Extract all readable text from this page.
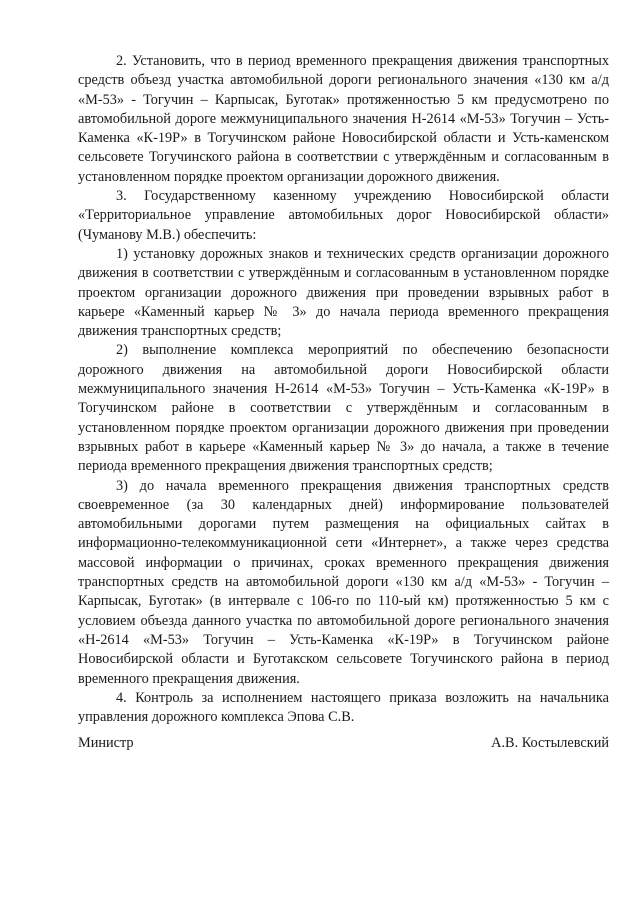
2. Установить, что в период временного прекращения движения транспортных средств объезд участка автомобильной дороги регионального значения «130 км а/д «М-53» - Тогучин – Карпысак, Буготак» протяженностью 5 км предусмотрено по автомобильной дороге межмуниципального значения Н-2614 «М-53» Тогучин – Усть-Каменка «К-19Р» в Тогучинском районе Новосибирской области и Усть-каменском сельсовете Тогучинского района в соответствии с утверждённым и согласованным в установленном порядке проектом организации дорожного движения.

3. Государственному казенному учреждению Новосибирской области «Территориальное управление автомобильных дорог Новосибирской области» (Чуманову М.В.) обеспечить:

1) установку дорожных знаков и технических средств организации дорожного движения в соответствии с утверждённым и согласованным в установленном порядке проектом организации дорожного движения при проведении взрывных работ в карьере «Каменный карьер № 3» до начала периода временного прекращения движения транспортных средств;

2) выполнение комплекса мероприятий по обеспечению безопасности дорожного движения на автомобильной дороги Новосибирской области межмуниципального значения Н-2614 «М-53» Тогучин – Усть-Каменка «К-19Р» в Тогучинском районе в соответствии с утверждённым и согласованным в установленном порядке проектом организации дорожного движения при проведении взрывных работ в карьере «Каменный карьер № 3» до начала, а также в течение периода временного прекращения движения транспортных средств;

3) до начала временного прекращения движения транспортных средств своевременное (за 30 календарных дней) информирование пользователей автомобильными дорогами путем размещения на официальных сайтах в информационно-телекоммуникационной сети «Интернет», а также через средства массовой информации о причинах, сроках временного прекращения движения транспортных средств на автомобильной дороги «130 км а/д «М-53» - Тогучин – Карпысак, Буготак» (в интервале с 106-го по 110-ый км) протяженностью 5 км с условием объезда данного участка по автомобильной дороге регионального значения «Н-2614 «М-53» Тогучин – Усть-Каменка «К-19Р» в Тогучинском районе Новосибирской области и Буготакском сельсовете Тогучинского района в период временного прекращения движения.

4. Контроль за исполнением настоящего приказа возложить на начальника управления дорожного комплекса Эпова С.В.

Министр	А.В. Костылевский
